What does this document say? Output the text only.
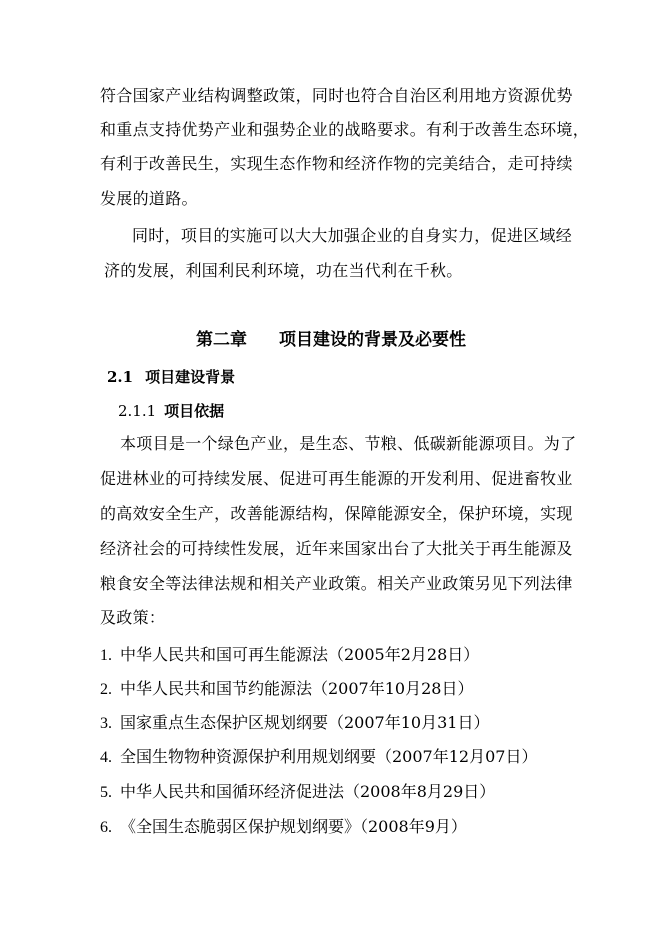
符合国家产业结构调整政策，同时也符合自治区利用地方资源优势
和重点支持优势产业和强势企业的战略要求。有利于改善生态环境，
有利于改善民生，实现生态作物和经济作物的完美结合，走可持续
发展的道路。
同时，项目的实施可以大大加强企业的自身实力，促进区域经
济的发展，利国利民利环境，功在当代利在千秋。
第二章 项目建设的背景及必要性
2.1 项目建设背景
2.1.1 项目依据
本项目是一个绿色产业，是生态、节粮、低碳新能源项目。为了
促进林业的可持续发展、促进可再生能源的开发利用、促进畜牧业
的高效安全生产，改善能源结构，保障能源安全，保护环境，实现
经济社会的可持续性发展，近年来国家出台了大批关于再生能源及
粮食安全等法律法规和相关产业政策。相关产业政策另见下列法律
及政策：
1. 中华人民共和国可再生能源法（2005年2月28日）
2. 中华人民共和国节约能源法（2007年10月28日）
3. 国家重点生态保护区规划纲要（2007年10月31日）
4. 全国生物物种资源保护利用规划纲要（2007年12月07日）
5. 中华人民共和国循环经济促进法（2008年8月29日）
6. 《全国生态脆弱区保护规划纲要》（2008年9月）
